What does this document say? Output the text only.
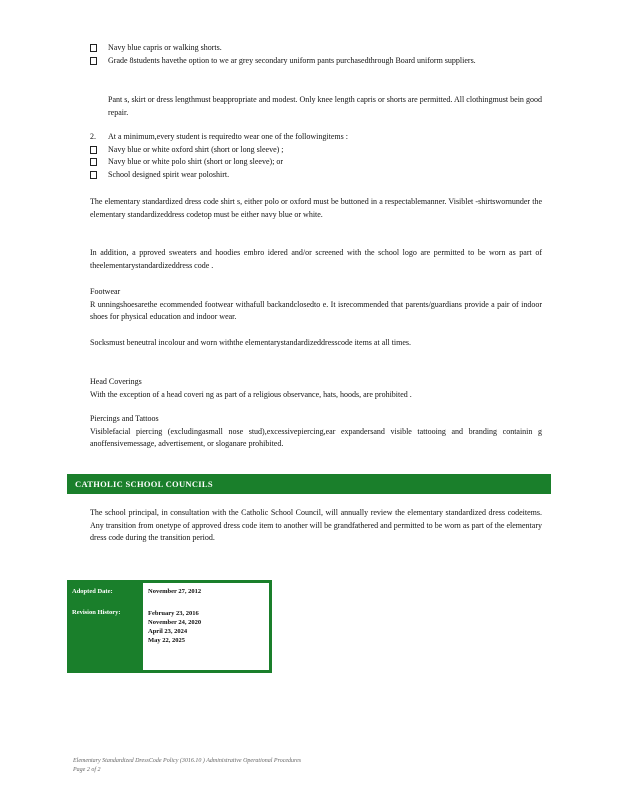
Navy blue capris or walking shorts.
Grade 8students havethe option to we ar grey secondary uniform pants purchasedthrough Board uniform suppliers.

Pant s, skirt or dress lengthmust beappropriate and modest. Only knee length capris or shorts are permitted. All clothingmust bein good repair.

2.	At a minimum,every student is requiredto wear one of the followingitems :
Navy blue or white oxford shirt (short or long sleeve) ;
Navy blue or white polo shirt (short or long sleeve); or
School designed spirit wear poloshirt.

The elementary standardized dress code shirt s, either polo or oxford must be buttoned in a respectablemanner. Visiblet -shirtswornunder the elementary standardizeddress codetop must be either navy blue or white.

In addition, a pproved sweaters and hoodies embro idered and/or screened with the school logo are permitted to be worn as part of theelementarystandardizeddress code .

Footwear

R unningshoesarethe ecommended footwear withafull backandclosedto e. It isrecommended that parents/guardians provide a pair of indoor shoes for physical education and indoor wear.

Socksmust beneutral incolour and worn withthe elementarystandardizeddresscode items at all times.

Head Coverings

With the exception of a head coveri ng as part of a religious observance, hats, hoods, are prohibited .

Piercings and Tattoos

Visiblefacial piercing (excludingasmall nose stud),excessivepiercing,ear expandersand visible tattooing and branding containin g anoffensivemessage, advertisement, or sloganare prohibited.

CATHOLIC SCHOOL COUNCILS

The school principal, in consultation with the Catholic School Council, will annually review the elementary standardized dress codeitems. Any transition from onetype of approved dress code item to another will be grandfathered and permitted to be worn as part of the elementary dress code during the transition period.

Adopted Date:
Revision History:
November 27, 2012
February 23, 2016
November 24, 2020
April 23, 2024
May 22, 2025
Elementary Standardized DressCode Policy (3016.10 ) Administrative Operational Procedures
Page 2 of 2
